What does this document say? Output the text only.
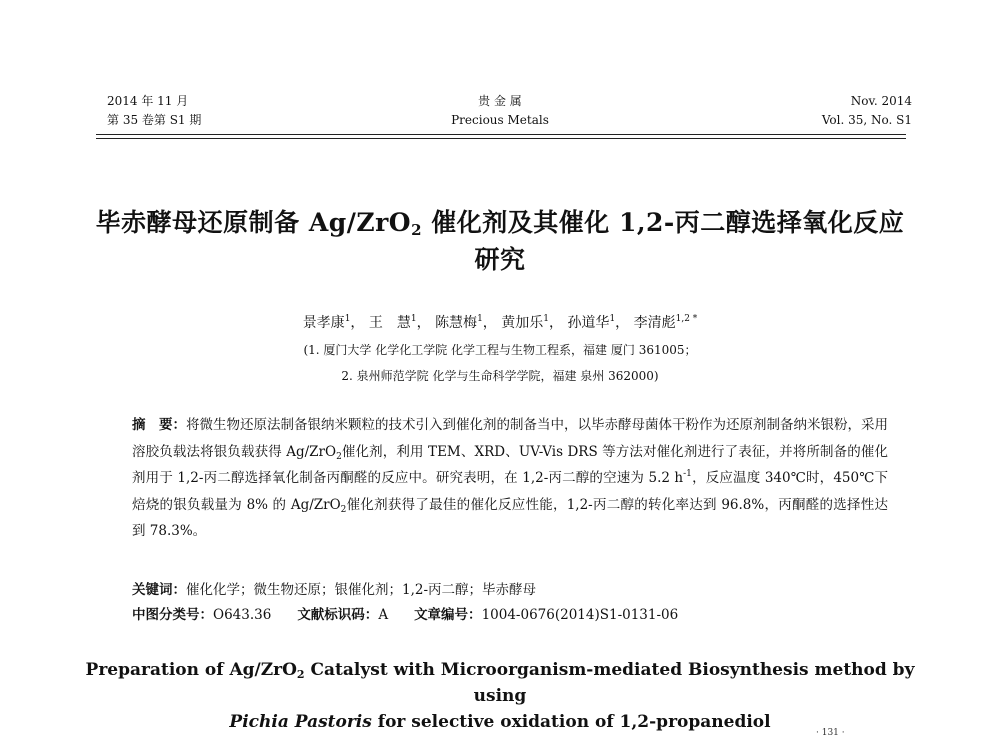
2014 年 11 月
第 35 卷第 S1 期
贵 金 属
Precious Metals
Nov. 2014
Vol. 35, No. S1
毕赤酵母还原制备 Ag/ZrO$_2$ 催化剂及其催化 1,2-丙二醇选择氧化反应研究
景孝康$^1$， 王　慧$^1$， 陈慧梅$^1$， 黄加乐$^1$， 孙道华$^1$， 李清彪$^{1,2 *}$
(1. 厦门大学 化学化工学院 化学工程与生物工程系，福建 厦门 361005；
2. 泉州师范学院 化学与生命科学学院，福建 泉州 362000)
摘　要：将微生物还原法制备银纳米颗粒的技术引入到催化剂的制备当中，以毕赤酵母菌体干粉作为还原剂制备纳米银粉，采用溶胶负载法将银负载获得 Ag/ZrO$_2$催化剂，利用 TEM、XRD、UV-Vis DRS 等方法对催化剂进行了表征，并将所制备的催化剂用于 1,2-丙二醇选择氧化制备丙酮醛的反应中。研究表明，在 1,2-丙二醇的空速为 5.2 $h^{-1}$，反应温度 340℃时，450℃下焙烧的银负载量为 8% 的 Ag/ZrO$_2$催化剂获得了最佳的催化反应性能，1,2-丙二醇的转化率达到 96.8%，丙酮醛的选择性达到 78.3%。
关键词：催化化学；微生物还原；银催化剂；1,2-丙二醇；毕赤酵母
中图分类号：O643.36 文献标识码：A 文章编号：1004-0676(2014)S1-0131-06
Preparation of Ag/ZrO$_2$ Catalyst with Microorganism-mediated Biosynthesis method by using
Pichia Pastoris for selective oxidation of 1,2-propanediol
· 131 ·
